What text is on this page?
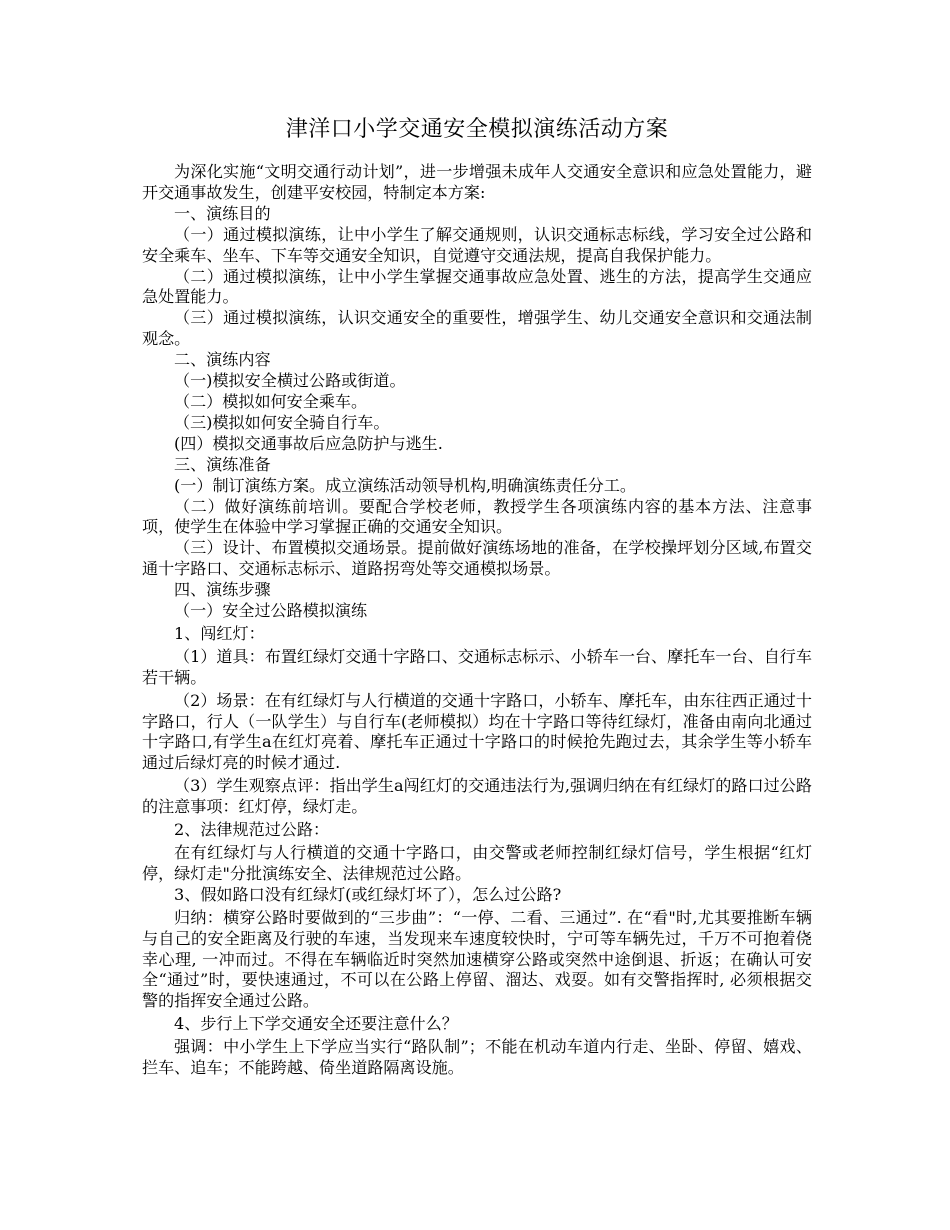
津洋口小学交通安全模拟演练活动方案

为深化实施“文明交通行动计划”，进一步增强未成年人交通安全意识和应急处置能力，避开交通事故发生，创建平安校园，特制定本方案:

一、演练目的

（一）通过模拟演练，让中小学生了解交通规则，认识交通标志标线，学习安全过公路和安全乘车、坐车、下车等交通安全知识，自觉遵守交通法规，提高自我保护能力。

（二）通过模拟演练，让中小学生掌握交通事故应急处置、逃生的方法，提高学生交通应急处置能力。

（三）通过模拟演练，认识交通安全的重要性，增强学生、幼儿交通安全意识和交通法制观念。

二、演练内容

（一)模拟安全横过公路或街道。

（二）模拟如何安全乘车。

（三)模拟如何安全骑自行车。

(四）模拟交通事故后应急防护与逃生.

三、演练准备

(一）制订演练方案。成立演练活动领导机构,明确演练责任分工。

（二）做好演练前培训。要配合学校老师，教授学生各项演练内容的基本方法、注意事项，使学生在体验中学习掌握正确的交通安全知识。

（三）设计、布置模拟交通场景。提前做好演练场地的准备，在学校操坪划分区域,布置交通十字路口、交通标志标示、道路拐弯处等交通模拟场景。

四、演练步骤

（一）安全过公路模拟演练

1、闯红灯：

（1）道具：布置红绿灯交通十字路口、交通标志标示、小轿车一台、摩托车一台、自行车若干辆。

（2）场景：在有红绿灯与人行横道的交通十字路口，小轿车、摩托车，由东往西正通过十字路口，行人（一队学生）与自行车(老师模拟）均在十字路口等待红绿灯，准备由南向北通过十字路口,有学生a在红灯亮着、摩托车正通过十字路口的时候抢先跑过去，其余学生等小轿车通过后绿灯亮的时候才通过.

（3）学生观察点评：指出学生a闯红灯的交通违法行为,强调归纳在有红绿灯的路口过公路的注意事项：红灯停，绿灯走。

2、法律规范过公路：

在有红绿灯与人行横道的交通十字路口，由交警或老师控制红绿灯信号，学生根据“红灯停，绿灯走"分批演练安全、法律规范过公路。

3、假如路口没有红绿灯(或红绿灯坏了），怎么过公路?

归纳：横穿公路时要做到的“三步曲”：“一停、二看、三通过”. 在“看"时,尤其要推断车辆与自己的安全距离及行驶的车速，当发现来车速度较快时，宁可等车辆先过，千万不可抱着侥幸心理, 一冲而过。不得在车辆临近时突然加速横穿公路或突然中途倒退、折返；在确认可安全“通过”时，要快速通过，不可以在公路上停留、溜达、戏耍。如有交警指挥时, 必须根据交警的指挥安全通过公路。

4、步行上下学交通安全还要注意什么？

强调：中小学生上下学应当实行“路队制”；不能在机动车道内行走、坐卧、停留、嬉戏、拦车、追车；不能跨越、倚坐道路隔离设施。
